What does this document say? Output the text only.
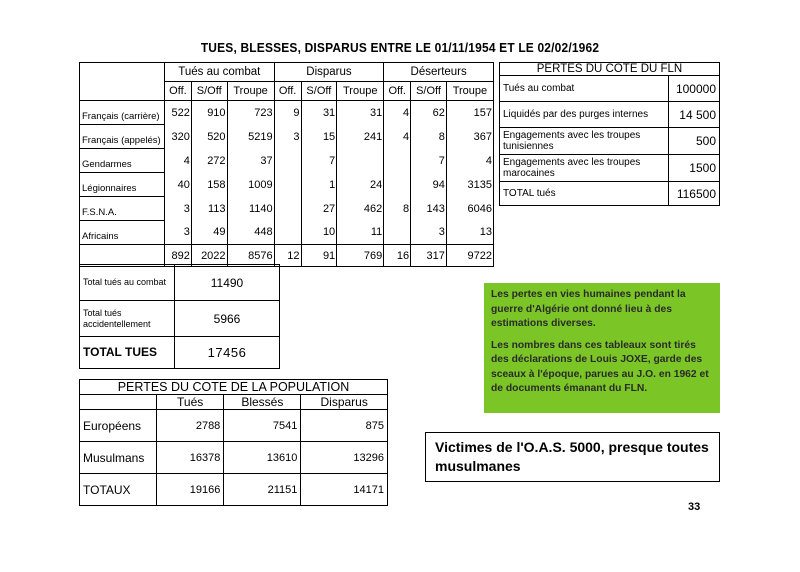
TUES, BLESSES, DISPARUS ENTRE LE 01/11/1954 ET LE 02/02/1962
	Tués au combat			Disparus			Déserteurs		
	Off.	S/Off	Troupe	Off.	S/Off	Troupe	Off.	S/Off	Troupe
Français (carrière)	522	910	723	9	31	31	4	62	157
Français (appelés)	320	520	5219	3	15	241	4	8	367
Gendarmes	4	272	37		7			7	4
Légionnaires	40	158	1009		1	24		94	3135
F.S.N.A.	3	113	1140		27	462	8	143	6046
Africains	3	49	448		10	11		3	13
	892	2022	8576	12	91	769	16	317	9722
Total tués au combat	11490
Total tués accidentellement	5966
TOTAL TUES	17456
PERTES DU COTE DU FLN	
Tués au combat	100000
Liquidés par des purges internes	14 500
Engagements avec les troupes tunisiennes	500
Engagements avec les troupes marocaines	1500
TOTAL tués	116500
PERTES DU COTE DE LA POPULATION			
	Tués	Blessés	Disparus
Européens	2788	7541	875
Musulmans	16378	13610	13296
TOTAUX	19166	21151	14171

Les pertes en vies humaines pendant la guerre d'Algérie ont donné lieu à des estimations diverses.

Les nombres dans ces tableaux sont tirés des déclarations de Louis JOXE, garde des sceaux à l'époque, parues au J.O. en 1962 et de documents émanant du FLN.

Victimes de l'O.A.S. 5000, presque toutes musulmanes
33
